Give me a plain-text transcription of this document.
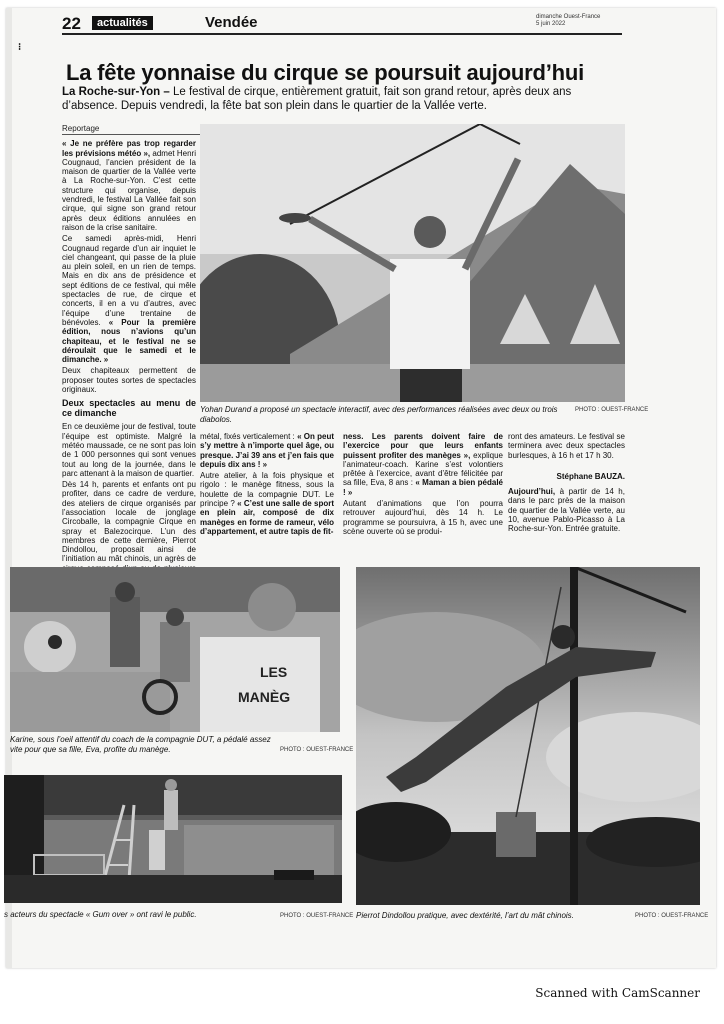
22	actualités	Vendée	dimanche Ouest-France
5 juin 2022
⁝
La fête yonnaise du cirque se poursuit aujourd’hui
La Roche-sur-Yon – Le festival de cirque, entièrement gratuit, fait son grand retour, après deux ans d’absence. Depuis vendredi, la fête bat son plein dans le quartier de la Vallée verte.
Reportage

« Je ne préfère pas trop regarder les prévisions météo », admet Henri Cougnaud, l’ancien président de la maison de quartier de la Vallée verte à La Roche-sur-Yon. C’est cette structure qui organise, depuis vendredi, le festival La Vallée fait son cirque, qui signe son grand retour après deux éditions annulées en raison de la crise sanitaire.

Ce samedi après-midi, Henri Cougnaud regarde d’un air inquiet le ciel changeant, qui passe de la pluie au plein soleil, en un rien de temps. Mais en dix ans de présidence et sept éditions de ce festival, qui mêle spectacles de rue, de cirque et concerts, il en a vu d’autres, avec l’équipe d’une trentaine de bénévoles. « Pour la première édition, nous n’avions qu’un chapiteau, et le festival ne se déroulait que le samedi et le dimanche. »

Deux chapiteaux permettent de proposer toutes sortes de spectacles originaux.

Deux spectacles au menu de ce dimanche

En ce deuxième jour de festival, toute l’équipe est optimiste. Malgré la météo maussade, ce ne sont pas loin de 1 000 personnes qui sont venues tout au long de la journée, dans le parc attenant à la maison de quartier.

Dès 14 h, parents et enfants ont pu profiter, dans ce cadre de verdure, des ateliers de cirque organisés par l’association locale de jonglage Circoballe, la compagnie Cirque en spray et Balezocirque. L’un des membres de cette dernière, Pierrot Dindollou, proposait ainsi de l’initiation au mât chinois, un agrès de

Yohan Durand a proposé un spectacle interactif, avec des performances réalisées avec deux ou trois diabolos.
PHOTO : OUEST-FRANCE

métal, fixés verticalement : « On peut s’y mettre à n’importe quel âge, ou presque. J’ai 39 ans et j’en fais que depuis dix ans ! »

Autre atelier, à la fois physique et rigolo : le manège fitness, sous la houlette de la compagnie DUT. Le principe ? « C’est une salle de sport en plein air, composé de dix manèges en forme de rameur, vélo d’appartement, et autre tapis de fit-

ness. Les parents doivent faire de l’exercice pour que leurs enfants puissent profiter des manèges », explique l’animateur-coach. Karine s’est volontiers prêtée à l’exercice, avant d’être félicitée par sa fille, Eva, 8 ans : « Maman a bien pédalé ! »

Autant d’animations que l’on pourra retrouver aujourd’hui, dès 14 h. Le programme se poursuivra, à 15 h, avec une scène ouverte où se produi-

ront des amateurs. Le festival se terminera avec deux spectacles burlesques, à 16 h et 17 h 30.

Stéphane BAUZA.

Aujourd’hui, à partir de 14 h, dans le parc près de la maison de quartier de la Vallée verte, au 10, avenue Pablo-Picasso à La Roche-sur-Yon. Entrée gratuite.

LES
MANÈG
Karine, sous l’oeil attentif du coach de la compagnie DUT, a pédalé assez vite pour que sa fille, Eva, profite du manège.	PHOTO : OUEST-FRANCE
Pierrot Dindollou pratique, avec dextérité, l’art du mât chinois.	PHOTO : OUEST-FRANCE
s acteurs du spectacle « Gum over » ont ravi le public.	PHOTO : OUEST-FRANCE
Scanned with CamScanner
